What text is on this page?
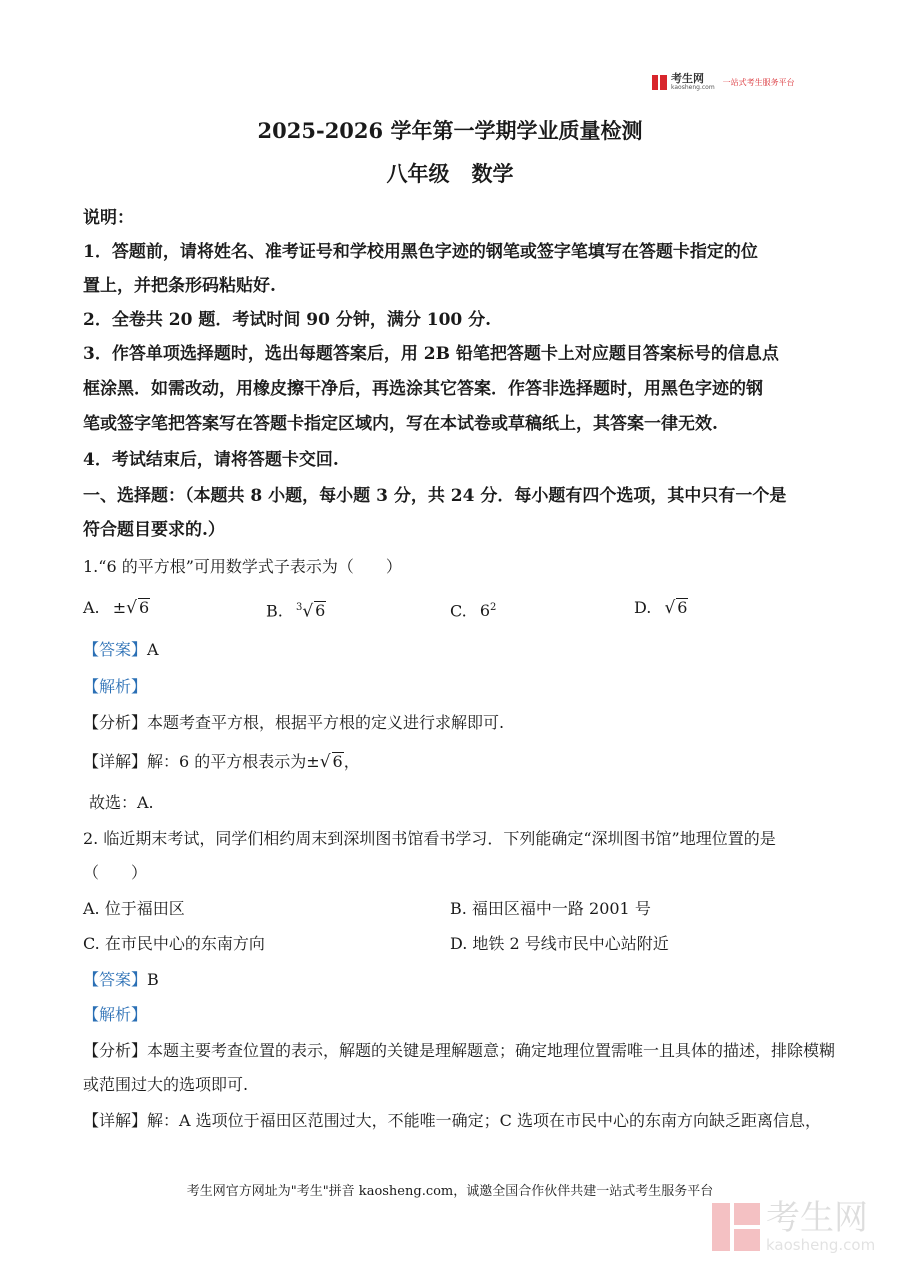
考生网
kaosheng.com
一站式考生服务平台
2025-2026 学年第一学期学业质量检测
八年级   数学
说明：
1．答题前，请将姓名、准考证号和学校用黑色字迹的钢笔或签字笔填写在答题卡指定的位
置上，并把条形码粘贴好.
2．全卷共 20 题．考试时间 90 分钟，满分 100 分.
3．作答单项选择题时，选出每题答案后，用 2B 铅笔把答题卡上对应题目答案标号的信息点
框涂黑．如需改动，用橡皮擦干净后，再选涂其它答案．作答非选择题时，用黑色字迹的钢
笔或签字笔把答案写在答题卡指定区域内，写在本试卷或草稿纸上，其答案一律无效.
4．考试结束后，请将答题卡交回.
一、选择题：（本题共 8 小题，每小题 3 分，共 24 分．每小题有四个选项，其中只有一个是
符合题目要求的.）
1.“6 的平方根”可用数学式子表示为（　　）
A. ±√ 6	B. $^3$√ 6	C. $6^2$	D. √ 6
【答案】A
【解析】
【分析】本题考查平方根，根据平方根的定义进行求解即可.
【详解】解：6 的平方根表示为±√ 6，
故选：A.
2. 临近期末考试，同学们相约周末到深圳图书馆看书学习．下列能确定“深圳图书馆”地理位置的是
（　　）
A. 位于福田区	B. 福田区福中一路 2001 号
C. 在市民中心的东南方向	D. 地铁 2 号线市民中心站附近
【答案】B
【解析】
【分析】本题主要考查位置的表示，解题的关键是理解题意；确定地理位置需唯一且具体的描述，排除模糊
或范围过大的选项即可.
【详解】解：A 选项位于福田区范围过大，不能唯一确定；C 选项在市民中心的东南方向缺乏距离信息，
考生网官方网址为"考生"拼音 kaosheng.com，诚邀全国合作伙伴共建一站式考生服务平台
考生网
kaosheng.com
